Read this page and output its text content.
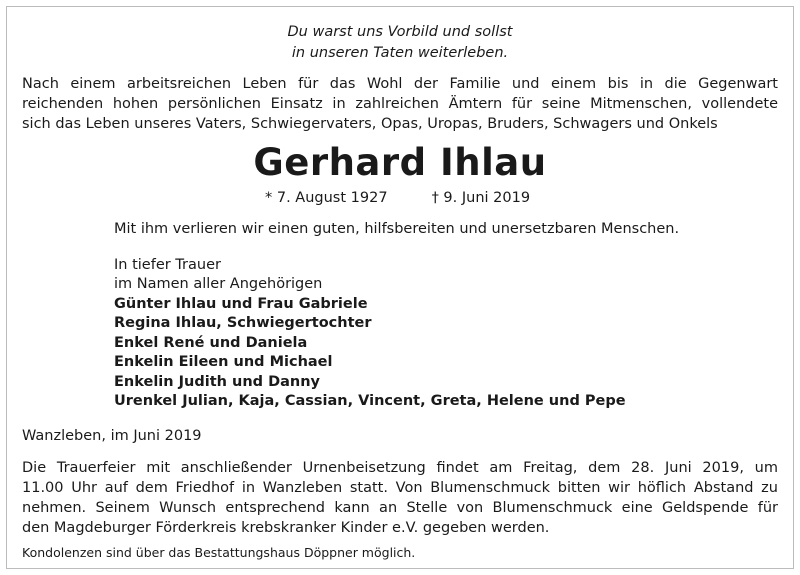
Du warst uns Vorbild und sollst
in unseren Taten weiterleben.
Nach einem arbeitsreichen Leben für das Wohl der Familie und einem bis in die Gegenwart
reichenden hohen persönlichen Einsatz in zahlreichen Ämtern für seine Mitmenschen, vollendete
sich das Leben unseres Vaters, Schwiegervaters, Opas, Uropas, Bruders, Schwagers und Onkels
Gerhard Ihlau
* 7. August 1927	† 9. Juni 2019
Mit ihm verlieren wir einen guten, hilfsbereiten und unersetzbaren Menschen.
In tiefer Trauer
im Namen aller Angehörigen
Günter Ihlau und Frau Gabriele
Regina Ihlau, Schwiegertochter
Enkel René und Daniela
Enkelin Eileen und Michael
Enkelin Judith und Danny
Urenkel Julian, Kaja, Cassian, Vincent, Greta, Helene und Pepe
Wanzleben, im Juni 2019
Die Trauerfeier mit anschließender Urnenbeisetzung findet am Freitag, dem 28. Juni 2019, um
11.00 Uhr auf dem Friedhof in Wanzleben statt. Von Blumenschmuck bitten wir höflich Abstand zu
nehmen. Seinem Wunsch entsprechend kann an Stelle von Blumenschmuck eine Geldspende für
den Magdeburger Förderkreis krebskranker Kinder e.V. gegeben werden.
Kondolenzen sind über das Bestattungshaus Döppner möglich.
